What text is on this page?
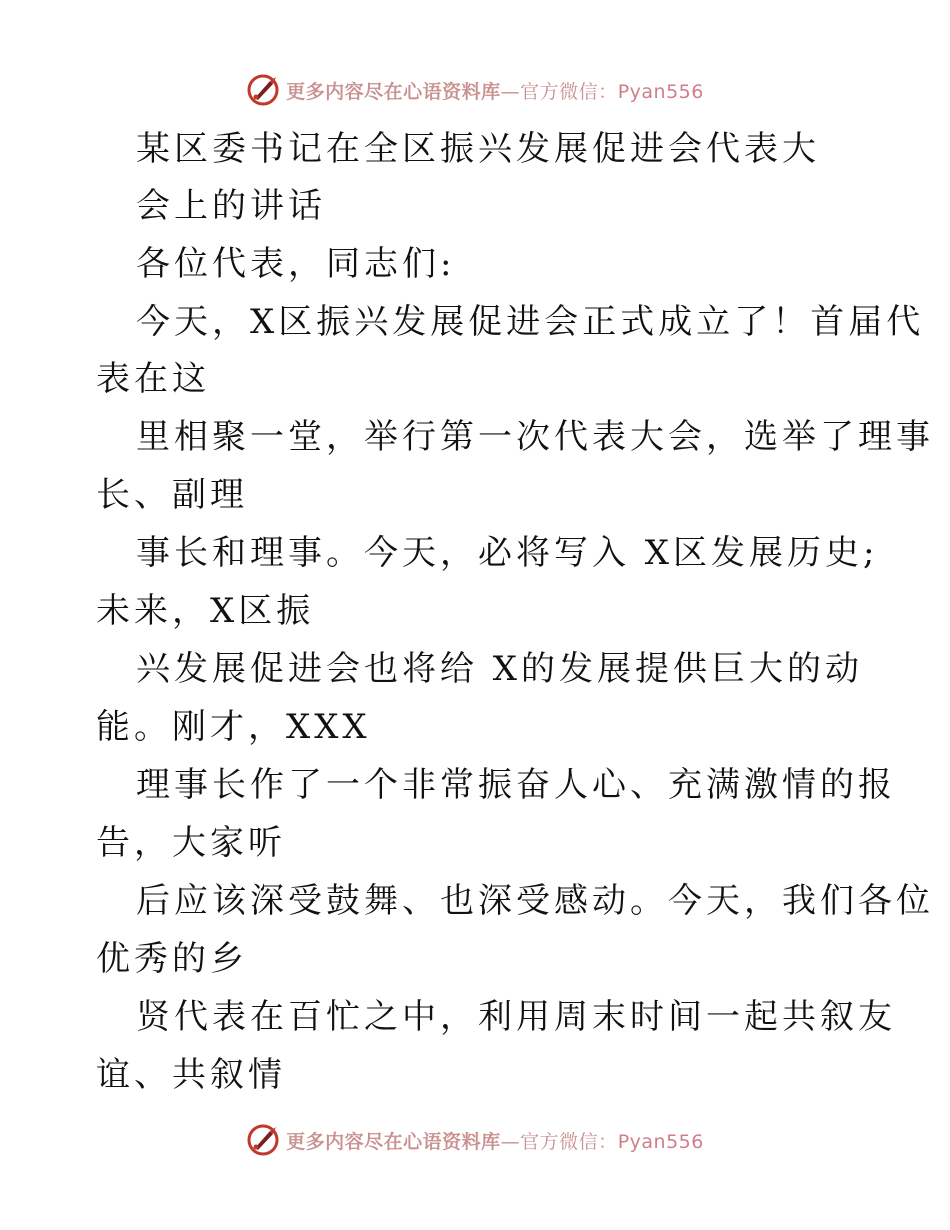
更多内容尽在心语资料库—官方微信：Pyan556
某区委书记在全区振兴发展促进会代表大
会上的讲话
各位代表，同志们:
今天，X区振兴发展促进会正式成立了！首届代
表在这
里相聚一堂，举行第一次代表大会，选举了理事
长、副理
事长和理事。今天，必将写入 X区发展历史;
未来，X区振
兴发展促进会也将给 X的发展提供巨大的动
能。刚才，XXX
理事长作了一个非常振奋人心、充满激情的报
告，大家听
后应该深受鼓舞、也深受感动。今天，我们各位
优秀的乡
贤代表在百忙之中，利用周末时间一起共叙友
谊、共叙情
更多内容尽在心语资料库—官方微信：Pyan556
